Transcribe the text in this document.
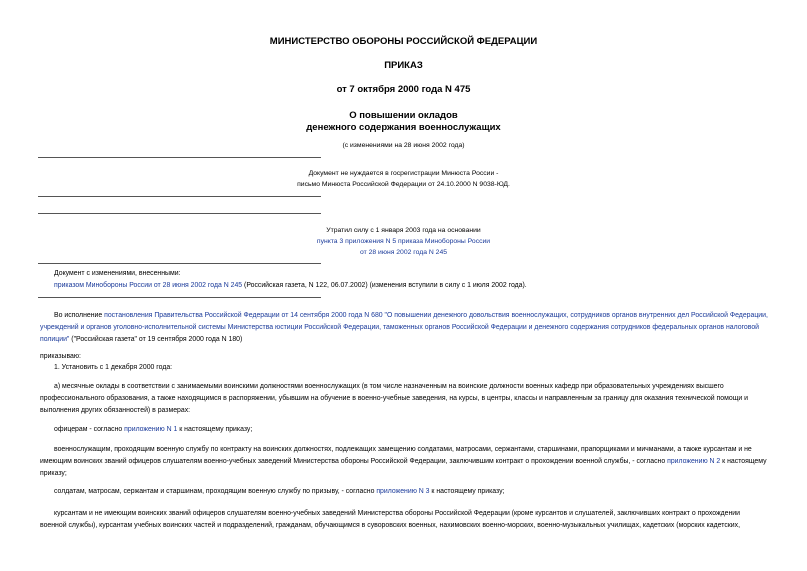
МИНИСТЕРСТВО ОБОРОНЫ РОССИЙСКОЙ ФЕДЕРАЦИИ
ПРИКАЗ
от 7 октября 2000 года N 475
О повышении окладов
денежного содержания военнослужащих
(с изменениями на 28 июня 2002 года)
Документ не нуждается в госрегистрации Минюста России -
письмо Минюста Российской Федерации от 24.10.2000 N 9038-ЮД.
Утратил силу с 1 января 2003 года на основании
пункта 3 приложения N 5 приказа Минобороны России
от 28 июня 2002 года N 245
Документ с изменениями, внесенными:
приказом Минобороны России от 28 июня 2002 года N 245 (Российская газета, N 122, 06.07.2002) (изменения вступили в силу с 1 июля 2002 года).
Во исполнение постановления Правительства Российской Федерации от 14 сентября 2000 года N 680 "О повышении денежного довольствия военнослужащих, сотрудников органов внутренних дел Российской Федерации, учреждений и органов уголовно-исполнительной системы Министерства юстиции Российской Федерации, таможенных органов Российской Федерации и денежного содержания сотрудников федеральных органов налоговой полиции" ("Российская газета" от 19 сентября 2000 года N 180)
приказываю:
1. Установить с 1 декабря 2000 года:
а) месячные оклады в соответствии с занимаемыми воинскими должностями военнослужащих (в том числе назначенным на воинские должности военных кафедр при образовательных учреждениях высшего профессионального образования, а также находящимся в распоряжении, убывшим на обучение в военно-учебные заведения, на курсы, в центры, классы и направленным за границу для оказания технической помощи и выполнения других обязанностей) в размерах:
офицерам - согласно приложению N 1 к настоящему приказу;
военнослужащим, проходящим военную службу по контракту на воинских должностях, подлежащих замещению солдатами, матросами, сержантами, старшинами, прапорщиками и мичманами, а также курсантам и не имеющим воинских званий офицеров слушателям военно-учебных заведений Министерства обороны Российской Федерации, заключившим контракт о прохождении военной службы, - согласно приложению N 2 к настоящему приказу;
солдатам, матросам, сержантам и старшинам, проходящим военную службу по призыву, - согласно приложению N 3 к настоящему приказу;
курсантам и не имеющим воинских званий офицеров слушателям военно-учебных заведений Министерства обороны Российской Федерации (кроме курсантов и слушателей, заключивших контракт о прохождении военной службы), курсантам учебных воинских частей и подразделений, гражданам, обучающимся в суворовских военных, нахимовских военно-морских, военно-музыкальных училищах, кадетских (морских кадетских,
